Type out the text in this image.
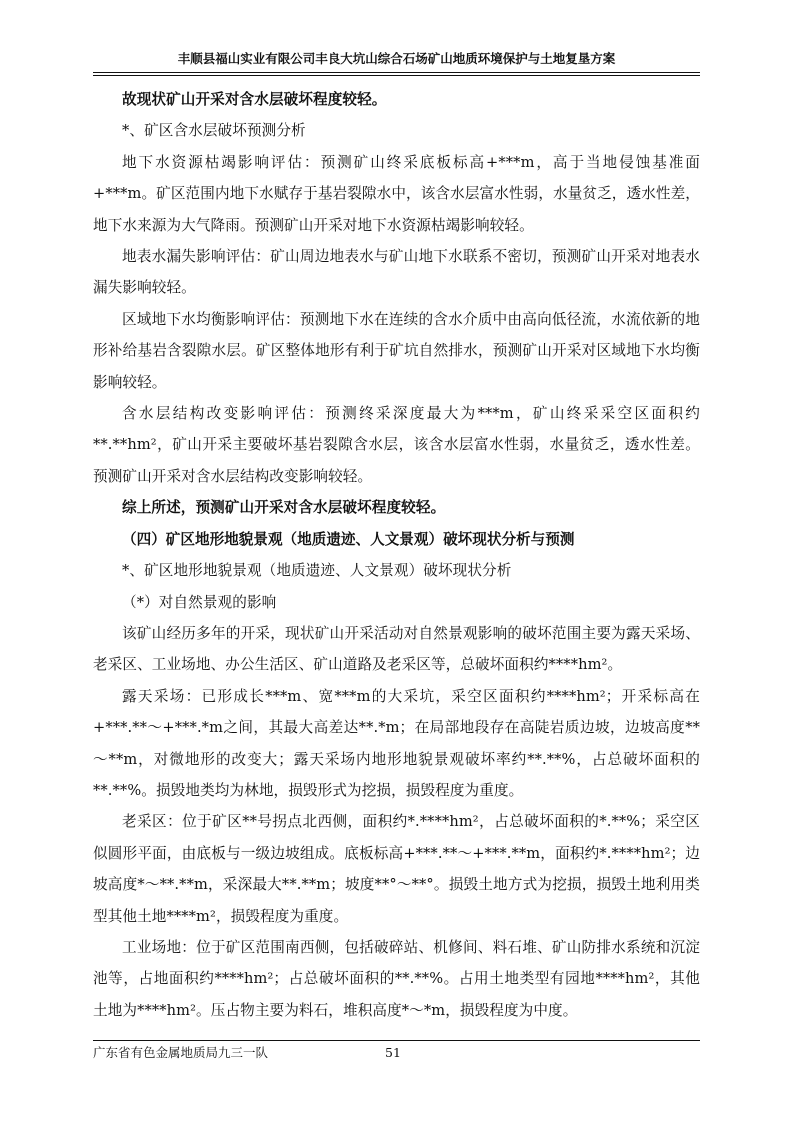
丰顺县福山实业有限公司丰良大坑山综合石场矿山地质环境保护与土地复垦方案

故现状矿山开采对含水层破坏程度较轻。

*、矿区含水层破坏预测分析

地下水资源枯竭影响评估：预测矿山终采底板标高+***m，高于当地侵蚀基准面+***m。矿区范围内地下水赋存于基岩裂隙水中，该含水层富水性弱，水量贫乏，透水性差，地下水来源为大气降雨。预测矿山开采对地下水资源枯竭影响较轻。

地表水漏失影响评估：矿山周边地表水与矿山地下水联系不密切，预测矿山开采对地表水漏失影响较轻。

区域地下水均衡影响评估：预测地下水在连续的含水介质中由高向低径流，水流依新的地形补给基岩含裂隙水层。矿区整体地形有利于矿坑自然排水，预测矿山开采对区域地下水均衡影响较轻。

含水层结构改变影响评估：预测终采深度最大为***m，矿山终采采空区面积约**.**hm²，矿山开采主要破坏基岩裂隙含水层，该含水层富水性弱，水量贫乏，透水性差。预测矿山开采对含水层结构改变影响较轻。

综上所述，预测矿山开采对含水层破坏程度较轻。

（四）矿区地形地貌景观（地质遗迹、人文景观）破坏现状分析与预测

*、矿区地形地貌景观（地质遗迹、人文景观）破坏现状分析

（*）对自然景观的影响

该矿山经历多年的开采，现状矿山开采活动对自然景观影响的破坏范围主要为露天采场、老采区、工业场地、办公生活区、矿山道路及老采区等，总破坏面积约****hm²。

露天采场：已形成长***m、宽***m的大采坑，采空区面积约****hm²；开采标高在+***.**～+***.*m之间，其最大高差达**.*m；在局部地段存在高陡岩质边坡，边坡高度**～**m，对微地形的改变大；露天采场内地形地貌景观破坏率约**.**%，占总破坏面积的**.**%。损毁地类均为林地，损毁形式为挖损，损毁程度为重度。

老采区：位于矿区**号拐点北西侧，面积约*.****hm²，占总破坏面积的*.**%；采空区似圆形平面，由底板与一级边坡组成。底板标高+***.**～+***.**m，面积约*.****hm²；边坡高度*～**.**m，采深最大**.**m；坡度**°～**°。损毁土地方式为挖损，损毁土地利用类型其他土地****m²，损毁程度为重度。

工业场地：位于矿区范围南西侧，包括破碎站、机修间、料石堆、矿山防排水系统和沉淀池等，占地面积约****hm²；占总破坏面积的**.**%。占用土地类型有园地****hm²，其他土地为****hm²。压占物主要为料石，堆积高度*～*m，损毁程度为中度。

广东省有色金属地质局九三一队	51
